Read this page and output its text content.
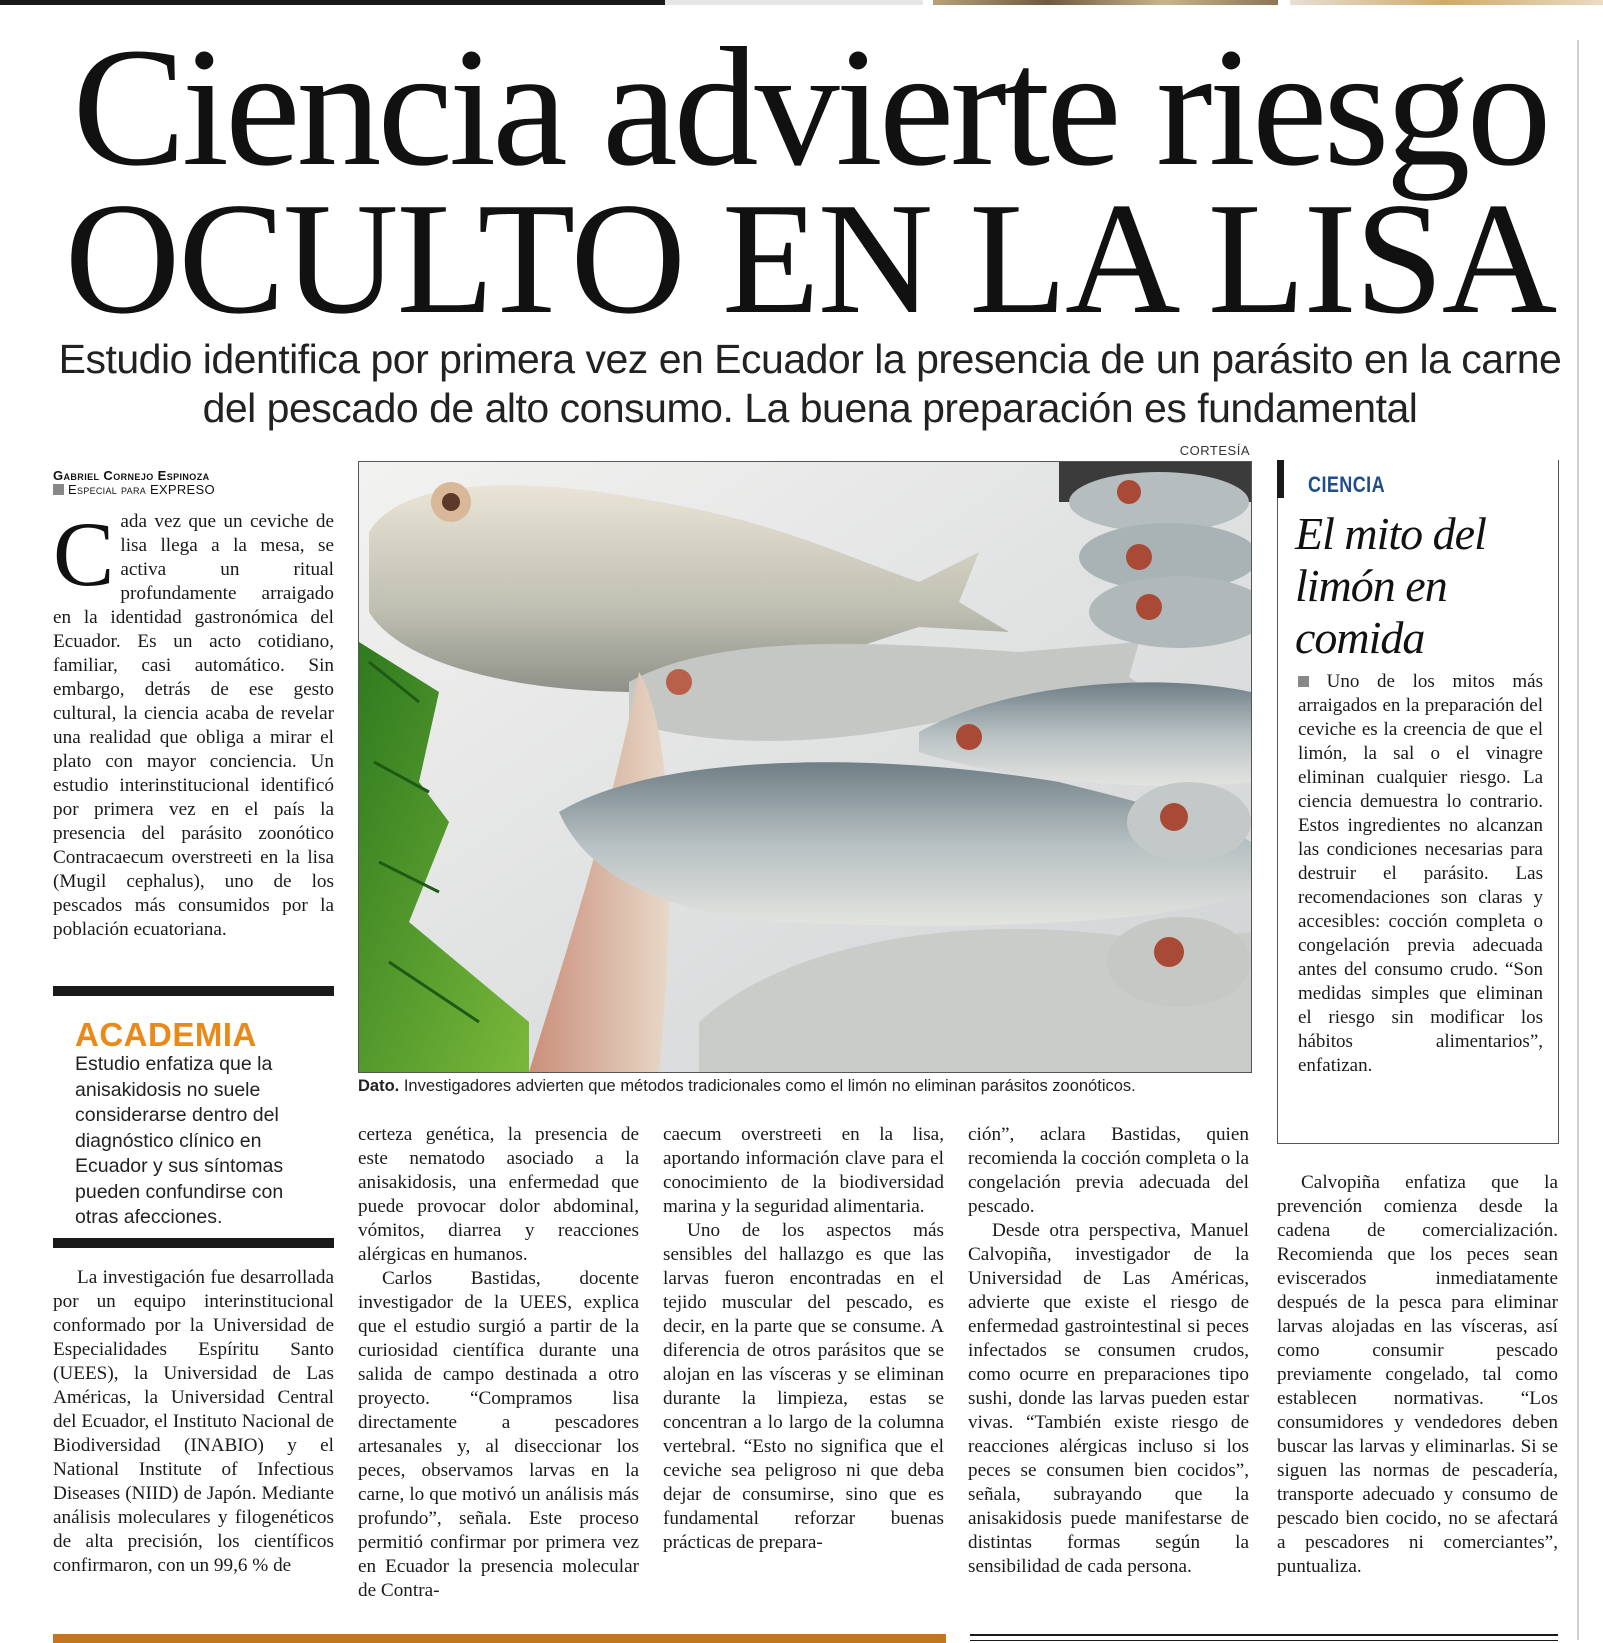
Ciencia advierte riesgo
OCULTO EN LA LISA
Estudio identifica por primera vez en Ecuador la presencia de un parásito en la carne del pescado de alto consumo. La buena preparación es fundamental
CORTESÍA
Gabriel Cornejo Espinoza
Especial para EXPRESO

Cada vez que un ceviche de lisa llega a la mesa, se activa un ritual profundamente arraigado en la identidad gastronómica del Ecuador. Es un acto cotidiano, familiar, casi automático. Sin embargo, detrás de ese gesto cultural, la ciencia acaba de revelar una realidad que obliga a mirar el plato con mayor conciencia. Un estudio interinstitucional identificó por primera vez en el país la presencia del parásito zoonótico Contracaecum overstreeti en la lisa (Mugil cephalus), uno de los pescados más consumidos por la población ecuatoriana.

ACADEMIA
Estudio enfatiza que la anisakidosis no suele considerarse dentro del diagnóstico clínico en Ecuador y sus síntomas pueden confundirse con otras afecciones.

La investigación fue desarrollada por un equipo interinstitucional conformado por la Universidad de Especialidades Espíritu Santo (UEES), la Universidad de Las Américas, la Universidad Central del Ecuador, el Instituto Nacional de Biodiversidad (INABIO) y el National Institute of Infectious Diseases (NIID) de Japón. Mediante análisis moleculares y filogenéticos de alta precisión, los científicos confirmaron, con un 99,6 % de

Dato. Investigadores advierten que métodos tradicionales como el limón no eliminan parásitos zoonóticos.

certeza genética, la presencia de este nematodo asociado a la anisakidosis, una enfermedad que puede provocar dolor abdominal, vómitos, diarrea y reacciones alérgicas en humanos.

Carlos Bastidas, docente investigador de la UEES, explica que el estudio surgió a partir de la curiosidad científica durante una salida de campo destinada a otro proyecto. “Compramos lisa directamente a pescadores artesanales y, al diseccionar los peces, observamos larvas en la carne, lo que motivó un análisis más profundo”, señala. Este proceso permitió confirmar por primera vez en Ecuador la presencia molecular de Contra-

caecum overstreeti en la lisa, aportando información clave para el conocimiento de la biodiversidad marina y la seguridad alimentaria.

Uno de los aspectos más sensibles del hallazgo es que las larvas fueron encontradas en el tejido muscular del pescado, es decir, en la parte que se consume. A diferencia de otros parásitos que se alojan en las vísceras y se eliminan durante la limpieza, estas se concentran a lo largo de la columna vertebral. “Esto no significa que el ceviche sea peligroso ni que deba dejar de consumirse, sino que es fundamental reforzar buenas prácticas de prepara-

ción”, aclara Bastidas, quien recomienda la cocción completa o la congelación previa adecuada del pescado.

Desde otra perspectiva, Manuel Calvopiña, investigador de la Universidad de Las Américas, advierte que existe el riesgo de enfermedad gastrointestinal si peces infectados se consumen crudos, como ocurre en preparaciones tipo sushi, donde las larvas pueden estar vivas. “También existe riesgo de reacciones alérgicas incluso si los peces se consumen bien cocidos”, señala, subrayando que la anisakidosis puede manifestarse de distintas formas según la sensibilidad de cada persona.

CIENCIA
El mito del limón en comida
Uno de los mitos más arraigados en la preparación del ceviche es la creencia de que el limón, la sal o el vinagre eliminan cualquier riesgo. La ciencia demuestra lo contrario. Estos ingredientes no alcanzan las condiciones necesarias para destruir el parásito. Las recomendaciones son claras y accesibles: cocción completa o congelación previa adecuada antes del consumo crudo. “Son medidas simples que eliminan el riesgo sin modificar los hábitos alimentarios”, enfatizan.

Calvopiña enfatiza que la prevención comienza desde la cadena de comercialización. Recomienda que los peces sean eviscerados inmediatamente después de la pesca para eliminar larvas alojadas en las vísceras, así como consumir pescado previamente congelado, tal como establecen normativas. “Los consumidores y vendedores deben buscar las larvas y eliminarlas. Si se siguen las normas de pescadería, transporte adecuado y consumo de pescado bien cocido, no se afectará a pescadores ni comerciantes”, puntualiza.
